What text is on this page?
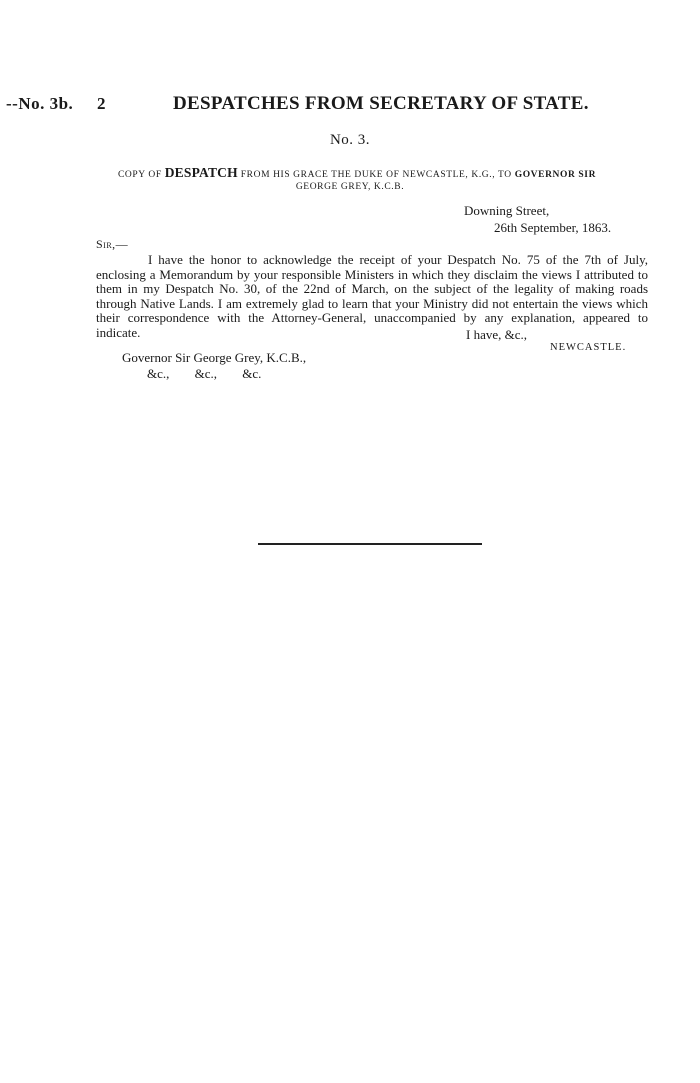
--No. 3b. 2	DESPATCHES FROM SECRETARY OF STATE.
No. 3.
COPY OF DESPATCH FROM HIS GRACE THE DUKE OF NEWCASTLE, K.G., TO GOVERNOR SIR
GEORGE GREY, K.C.B.
Downing Street,
26th September, 1863.
Sir,—

I have the honor to acknowledge the receipt of your Despatch No. 75 of the 7th of July, enclosing a Memorandum by your responsible Ministers in which they disclaim the views I attributed to them in my Despatch No. 30, of the 22nd of March, on the subject of the legality of making roads through Native Lands. I am extremely glad to learn that your Ministry did not entertain the views which their correspondence with the Attorney-General, unaccompanied by any explanation, appeared to indicate.	I have, &c.,
NEWCASTLE.
Governor Sir George Grey, K.C.B.,
&c., &c., &c.
